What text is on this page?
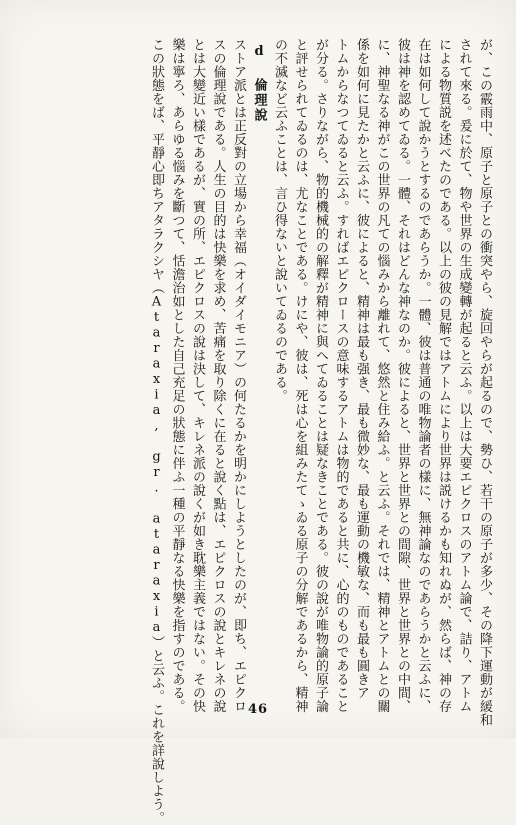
が、この霰雨中、原子と原子との衝突やら、旋回やらが起るので、勢ひ、若干の原子が多少、その降下運動が緩和

されて來る。爰に於て、物や世界の生成變轉が起ると云ふ。以上は大要エピクロスのアトム論で、詰り、アトム

による物質説を述べたのである。以上の彼の見解ではアトムにより世界は説けるかも知れぬが、然らば、神の存

在は如何して說かうとするのであらうか。一體、彼は普通の唯物論者の樣に、無神論なのであらうかと云ふに、

彼は神を認めてゐる。一體、それはどんな神なのか。彼によると、世界と世界との間隙、世界と世界との中間、

に、神聖なる神がこの世界の凡ての惱みから離れて、悠然と住み給ふ。と云ふ。それでは、精神とアトムとの關

係を如何に見たかと云ふに、彼によると、精神は最も强き、最も微妙な、最も運動の機敏な、而も最も圓きア

トムからなつてゐると云ふ。すればエピクロースの意味するアトムは物的であると共に、心的のものであること

が分る。さりながら、物的機械的の解釋が精神に與へてゐることは疑なきことである。彼の說が唯物論的原子論

と評せられてゐるのは、尤なことである。けにや、彼は、死は心を組みたてゝゐる原子の分解であるから、精神

の不滅など云ふことは、言ひ得ないと說いてゐるのである。

d 倫理說

ストア派とは正反對の立場から幸福（オイダイモニア）の何たるかを明かにしようとしたのが、即ち、エピクロ

スの倫理說である。人生の目的は快樂を求め、苦痛を取り除くに在ると說く點は、エピクロスの說とキレネの說

とは大變近い樣であるが、實の所、エピクロスの說は決して、キレネ派の說くが如き耽樂主義ではない。その快

樂は寧ろ、あらゆる惱みを斷つて、恬澹治如とした自己充足の狀態に伴ふ一種の平靜なる快樂を指すのである。

この狀態をば、平靜心即ちアタラクシヤ（Ataraxia, gr. ataraxia）と云ふ。これを詳說しよう。	46
